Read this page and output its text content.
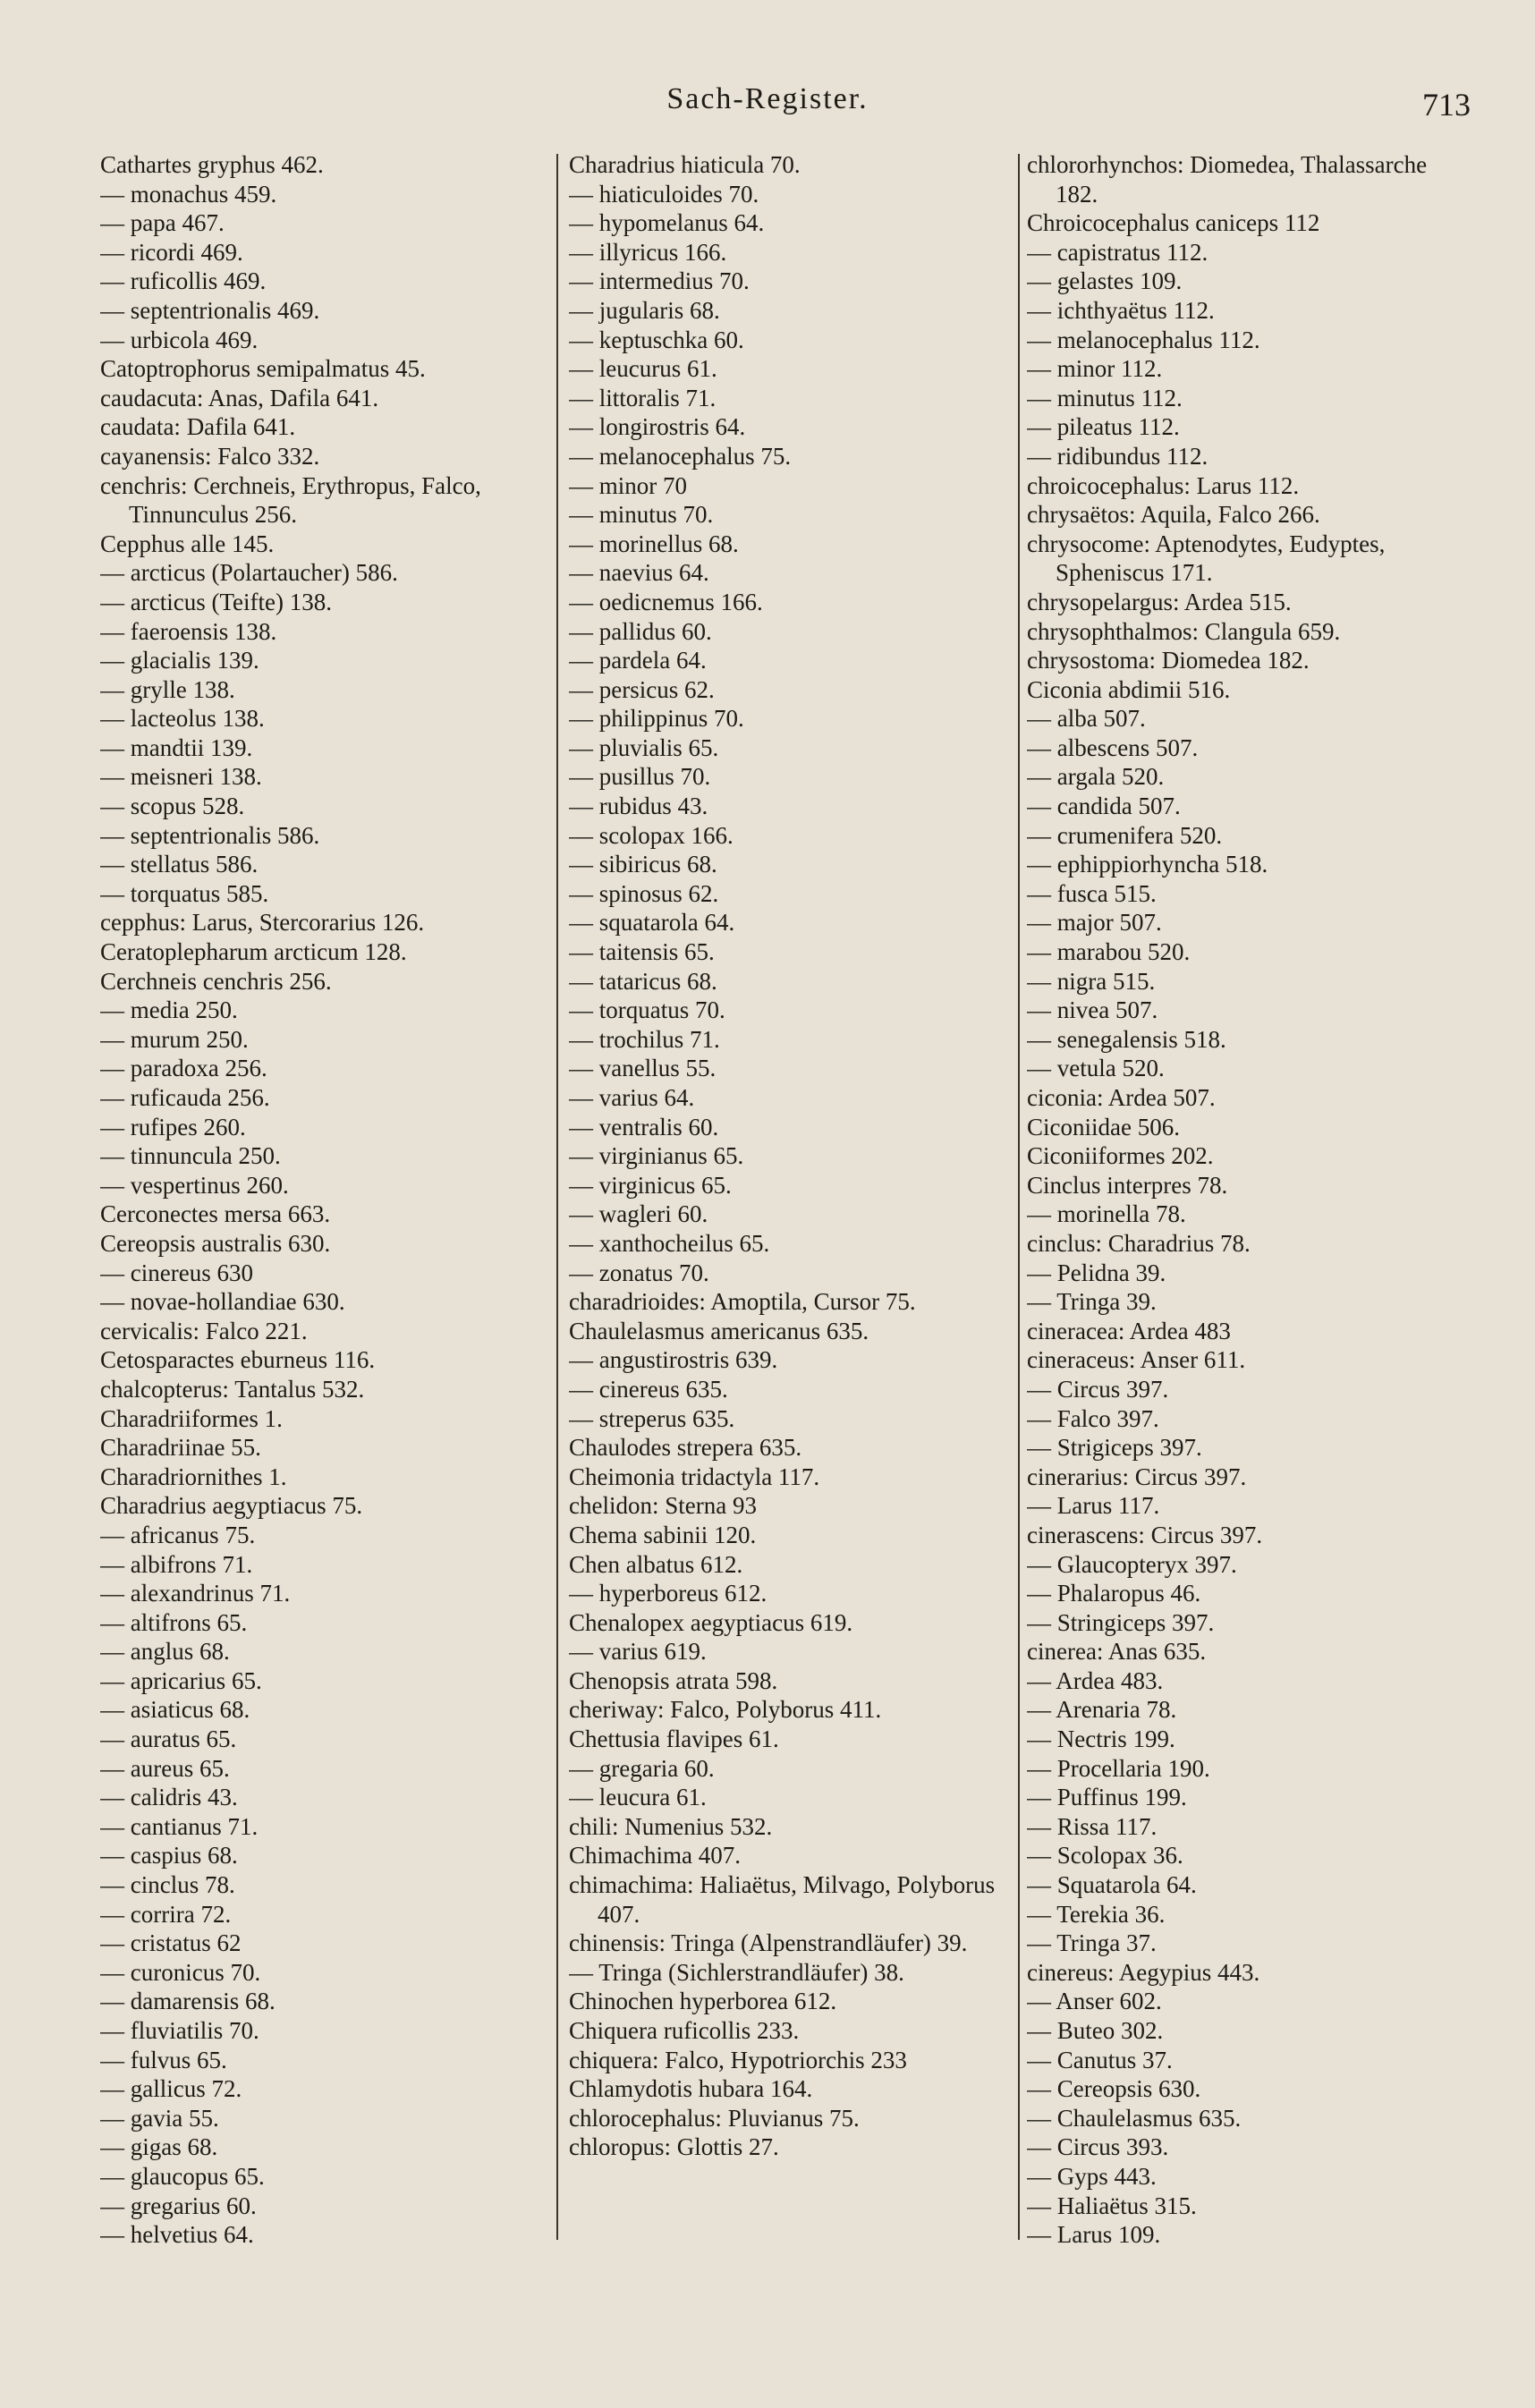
Sach-Register.	713
Cathartes gryphus 462.
— monachus 459.
— papa 467.
— ricordi 469.
— ruficollis 469.
— septentrionalis 469.
— urbicola 469.
Catoptrophorus semipalmatus 45.
caudacuta: Anas, Dafila 641.
caudata: Dafila 641.
cayanensis: Falco 332.
cenchris: Cerchneis, Erythropus, Falco, Tinnunculus 256.
Cepphus alle 145.
— arcticus (Polartaucher) 586.
— arcticus (Teifte) 138.
— faeroensis 138.
— glacialis 139.
— grylle 138.
— lacteolus 138.
— mandtii 139.
— meisneri 138.
— scopus 528.
— septentrionalis 586.
— stellatus 586.
— torquatus 585.
cepphus: Larus, Stercorarius 126.
Ceratoplepharum arcticum 128.
Cerchneis cenchris 256.
— media 250.
— murum 250.
— paradoxa 256.
— ruficauda 256.
— rufipes 260.
— tinnuncula 250.
— vespertinus 260.
Cerconectes mersa 663.
Cereopsis australis 630.
— cinereus 630
— novae-hollandiae 630.
cervicalis: Falco 221.
Cetosparactes eburneus 116.
chalcopterus: Tantalus 532.
Charadriiformes 1.
Charadriinae 55.
Charadriornithes 1.
Charadrius aegyptiacus 75.
— africanus 75.
— albifrons 71.
— alexandrinus 71.
— altifrons 65.
— anglus 68.
— apricarius 65.
— asiaticus 68.
— auratus 65.
— aureus 65.
— calidris 43.
— cantianus 71.
— caspius 68.
— cinclus 78.
— corrira 72.
— cristatus 62
— curonicus 70.
— damarensis 68.
— fluviatilis 70.
— fulvus 65.
— gallicus 72.
— gavia 55.
— gigas 68.
— glaucopus 65.
— gregarius 60.
— helvetius 64.
Charadrius hiaticula 70.
— hiaticuloides 70.
— hypomelanus 64.
— illyricus 166.
— intermedius 70.
— jugularis 68.
— keptuschka 60.
— leucurus 61.
— littoralis 71.
— longirostris 64.
— melanocephalus 75.
— minor 70
— minutus 70.
— morinellus 68.
— naevius 64.
— oedicnemus 166.
— pallidus 60.
— pardela 64.
— persicus 62.
— philippinus 70.
— pluvialis 65.
— pusillus 70.
— rubidus 43.
— scolopax 166.
— sibiricus 68.
— spinosus 62.
— squatarola 64.
— taitensis 65.
— tataricus 68.
— torquatus 70.
— trochilus 71.
— vanellus 55.
— varius 64.
— ventralis 60.
— virginianus 65.
— virginicus 65.
— wagleri 60.
— xanthocheilus 65.
— zonatus 70.
charadrioides: Amoptila, Cursor 75.
Chaulelasmus americanus 635.
— angustirostris 639.
— cinereus 635.
— streperus 635.
Chaulodes strepera 635.
Cheimonia tridactyla 117.
chelidon: Sterna 93
Chema sabinii 120.
Chen albatus 612.
— hyperboreus 612.
Chenalopex aegyptiacus 619.
— varius 619.
Chenopsis atrata 598.
cheriway: Falco, Polyborus 411.
Chettusia flavipes 61.
— gregaria 60.
— leucura 61.
chili: Numenius 532.
Chimachima 407.
chimachima: Haliaëtus, Milvago, Polyborus 407.
chinensis: Tringa (Alpenstrandläufer) 39.
— Tringa (Sichlerstrandläufer) 38.
Chinochen hyperborea 612.
Chiquera ruficollis 233.
chiquera: Falco, Hypotriorchis 233
Chlamydotis hubara 164.
chlorocephalus: Pluvianus 75.
chloropus: Glottis 27.
chlororhynchos: Diomedea, Thalassarche 182.
Chroicocephalus caniceps 112
— capistratus 112.
— gelastes 109.
— ichthyaëtus 112.
— melanocephalus 112.
— minor 112.
— minutus 112.
— pileatus 112.
— ridibundus 112.
chroicocephalus: Larus 112.
chrysaëtos: Aquila, Falco 266.
chrysocome: Aptenodytes, Eudyptes, Spheniscus 171.
chrysopelargus: Ardea 515.
chrysophthalmos: Clangula 659.
chrysostoma: Diomedea 182.
Ciconia abdimii 516.
— alba 507.
— albescens 507.
— argala 520.
— candida 507.
— crumenifera 520.
— ephippiorhyncha 518.
— fusca 515.
— major 507.
— marabou 520.
— nigra 515.
— nivea 507.
— senegalensis 518.
— vetula 520.
ciconia: Ardea 507.
Ciconiidae 506.
Ciconiiformes 202.
Cinclus interpres 78.
— morinella 78.
cinclus: Charadrius 78.
— Pelidna 39.
— Tringa 39.
cineracea: Ardea 483
cineraceus: Anser 611.
— Circus 397.
— Falco 397.
— Strigiceps 397.
cinerarius: Circus 397.
— Larus 117.
cinerascens: Circus 397.
— Glaucopteryx 397.
— Phalaropus 46.
— Stringiceps 397.
cinerea: Anas 635.
— Ardea 483.
— Arenaria 78.
— Nectris 199.
— Procellaria 190.
— Puffinus 199.
— Rissa 117.
— Scolopax 36.
— Squatarola 64.
— Terekia 36.
— Tringa 37.
cinereus: Aegypius 443.
— Anser 602.
— Buteo 302.
— Canutus 37.
— Cereopsis 630.
— Chaulelasmus 635.
— Circus 393.
— Gyps 443.
— Haliaëtus 315.
— Larus 109.
